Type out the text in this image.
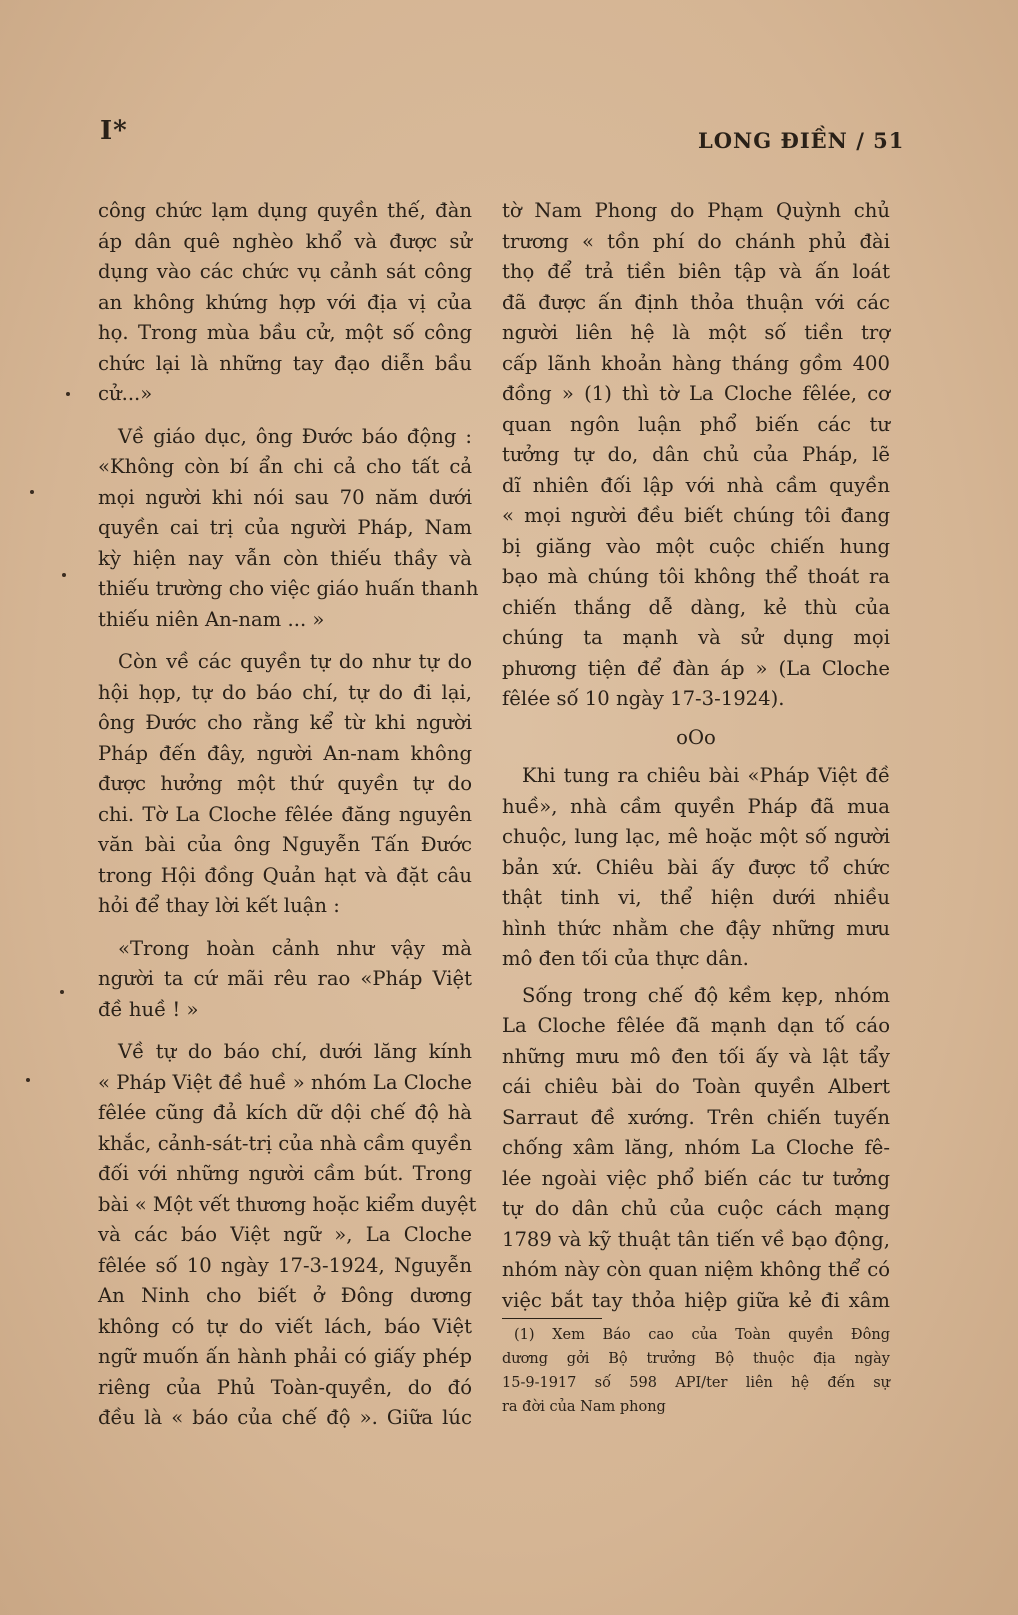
I*	LONG ĐIỀN / 51
công chức lạm dụng quyền thế, đàn
áp dân quê nghèo khổ và được sử
dụng vào các chức vụ cảnh sát công
an không khứng hợp với địa vị của
họ. Trong mùa bầu cử, một số công
chức lại là những tay đạo diễn bầu
cử...»
Về giáo dục, ông Đước báo động :
«Không còn bí ẩn chi cả cho tất cả
mọi người khi nói sau 70 năm dưới
quyền cai trị của người Pháp, Nam
kỳ hiện nay vẫn còn thiếu thầy và
thiếu trường cho việc giáo huấn thanh
thiếu niên An-nam ... »
Còn về các quyền tự do như tự do
hội họp, tự do báo chí, tự do đi lại,
ông Đước cho rằng kể từ khi người
Pháp đến đây, người An-nam không
được hưởng một thứ quyền tự do
chi. Tờ La Cloche fêlée đăng nguyên
văn bài của ông Nguyễn Tấn Đước
trong Hội đồng Quản hạt và đặt câu
hỏi để thay lời kết luận :
«Trong hoàn cảnh như vậy mà
người ta cứ mãi rêu rao «Pháp Việt
đề huề ! »
Về tự do báo chí, dưới lăng kính
« Pháp Việt đề huề » nhóm La Cloche
fêlée cũng đả kích dữ dội chế độ hà
khắc, cảnh-sát-trị của nhà cầm quyền
đối với những người cầm bút. Trong
bài « Một vết thương hoặc kiểm duyệt
và các báo Việt ngữ », La Cloche
fêlée số 10 ngày 17-3-1924, Nguyễn
An Ninh cho biết ở Đông dương
không có tự do viết lách, báo Việt
ngữ muốn ấn hành phải có giấy phép
riêng của Phủ Toàn-quyền, do đó
đều là « báo của chế độ ». Giữa lúc
tờ Nam Phong do Phạm Quỳnh chủ
trương « tồn phí do chánh phủ đài
thọ để trả tiền biên tập và ấn loát
đã được ấn định thỏa thuận với các
người liên hệ là một số tiền trợ
cấp lãnh khoản hàng tháng gồm 400
đồng » (1) thì tờ La Cloche fêlée, cơ
quan ngôn luận phổ biến các tư
tưởng tự do, dân chủ của Pháp, lẽ
dĩ nhiên đối lập với nhà cầm quyền
« mọi người đều biết chúng tôi đang
bị giăng vào một cuộc chiến hung
bạo mà chúng tôi không thể thoát ra
chiến thắng dễ dàng, kẻ thù của
chúng ta mạnh và sử dụng mọi
phương tiện để đàn áp » (La Cloche
fêlée số 10 ngày 17-3-1924).
oOo
Khi tung ra chiêu bài «Pháp Việt đề
huề», nhà cầm quyền Pháp đã mua
chuộc, lung lạc, mê hoặc một số người
bản xứ. Chiêu bài ấy được tổ chức
thật tinh vi, thể hiện dưới nhiều
hình thức nhằm che đậy những mưu
mô đen tối của thực dân.
Sống trong chế độ kềm kẹp, nhóm
La Cloche fêlée đã mạnh dạn tố cáo
những mưu mô đen tối ấy và lật tẩy
cái chiêu bài do Toàn quyền Albert
Sarraut đề xướng. Trên chiến tuyến
chống xâm lăng, nhóm La Cloche fê-
lée ngoài việc phổ biến các tư tưởng
tự do dân chủ của cuộc cách mạng
1789 và kỹ thuật tân tiến về bạo động,
nhóm này còn quan niệm không thể có
việc bắt tay thỏa hiệp giữa kẻ đi xâm
(1) Xem Báo cao của Toàn quyền Đông
dương gởi Bộ trưởng Bộ thuộc địa ngày
15-9-1917 số 598 API/ter liên hệ đến sự
ra đời của Nam phong
